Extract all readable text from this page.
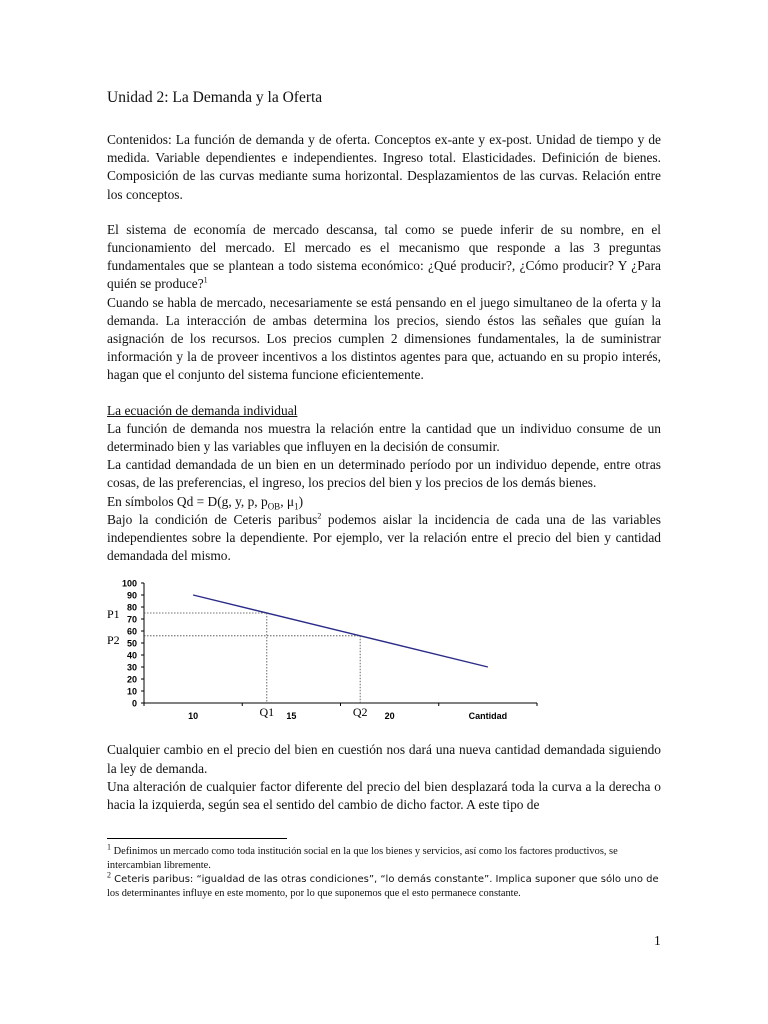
Unidad 2: La Demanda y la Oferta

Contenidos: La función de demanda y de oferta. Conceptos ex-ante y ex-post. Unidad de tiempo y de medida. Variable dependientes e independientes. Ingreso total. Elasticidades. Definición de bienes. Composición de las curvas mediante suma horizontal. Desplazamientos de las curvas. Relación entre los conceptos.

El sistema de economía de mercado descansa, tal como se puede inferir de su nombre, en el funcionamiento del mercado. El mercado es el mecanismo que responde a las 3 preguntas fundamentales que se plantean a todo sistema económico: ¿Qué producir?, ¿Cómo producir? Y ¿Para quién se produce?$^1$

Cuando se habla de mercado, necesariamente se está pensando en el juego simultaneo de la oferta y la demanda. La interacción de ambas determina los precios, siendo éstos las señales que guían la asignación de los recursos. Los precios cumplen 2 dimensiones fundamentales, la de suministrar información y la de proveer incentivos a los distintos agentes para que, actuando en su propio interés, hagan que el conjunto del sistema funcione eficientemente.

La ecuación de demanda individual

La función de demanda nos muestra la relación entre la cantidad que un individuo consume de un determinado bien y las variables que influyen en la decisión de consumir.

La cantidad demandada de un bien en un determinado período por un individuo depende, entre otras cosas, de las preferencias, el ingreso, los precios del bien y los precios de los demás bienes.

En símbolos Qd = D(g, y, p, $p_{OB}$, $\mu_1$)

Bajo la condición de Ceteris paribus$^2$ podemos aislar la incidencia de cada una de las variables independientes sobre la dependiente. Por ejemplo, ver la relación entre el precio del bien y cantidad demandada del mismo.

100
90
80
70
60
50
40
30
20
10
0
10	15	20	Cantidad
P1
P2
Q1	Q2

Cualquier cambio en el precio del bien en cuestión nos dará una nueva cantidad demandada siguiendo la ley de demanda.

Una alteración de cualquier factor diferente del precio del bien desplazará toda la curva a la derecha o hacia la izquierda, según sea el sentido del cambio de dicho factor. A este tipo de

$^1$ Definimos un mercado como toda institución social en la que los bienes y servicios, así como los factores productivos, se intercambian libremente.

$^2$ Ceteris paribus: “igualdad de las otras condiciones”, “lo demás constante”. Implica suponer que sólo uno de
los determinantes influye en este momento, por lo que suponemos que el esto permanece constante.

1
